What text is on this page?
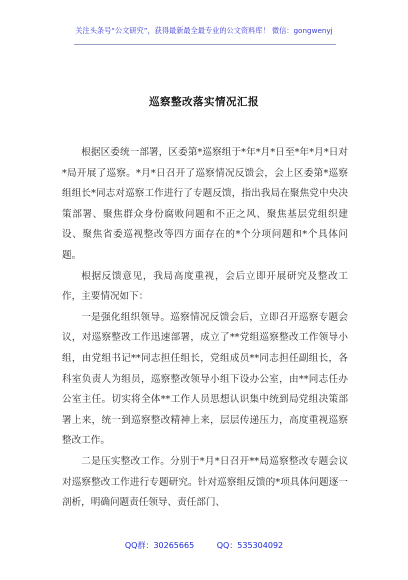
关注头条号“公文研究”，获得最新最全最专业的公文资料库！ 微信：gongwenyj
巡察整改落实情况汇报

根据区委统一部署，区委第*巡察组于*年*月*日至*年*月*日对*局开展了巡察。*月*日召开了巡察情况反馈会，会上区委第*巡察组组长*同志对巡察工作进行了专题反馈，指出我局在聚焦党中央决策部署、聚焦群众身份腐败问题和不正之风、聚焦基层党组织建设、聚焦省委巡视整改等四方面存在的*个分项问题和*个具体问题。

根据反馈意见，我局高度重视，会后立即开展研究及整改工作，主要情况如下：

一是强化组织领导。巡察情况反馈会后，立即召开巡察专题会议，对巡察整改工作迅速部署，成立了**党组巡察整改工作领导小组，由党组书记**同志担任组长，党组成员**同志担任副组长，各科室负责人为组员，巡察整改领导小组下设办公室，由**同志任办公室主任。切实将全体**工作人员思想认识集中统到局党组决策部署上来，统一到巡察整改精神上来，层层传递压力，高度重视巡察整改工作。

二是压实整改工作。分别于*月*日召开**局巡察整改专题会议对巡察整改工作进行专题研究。针对巡察组反馈的*项具体问题逐一剖析，明确问题责任领导、责任部门、

QQ群：30265665	QQ：535304092
